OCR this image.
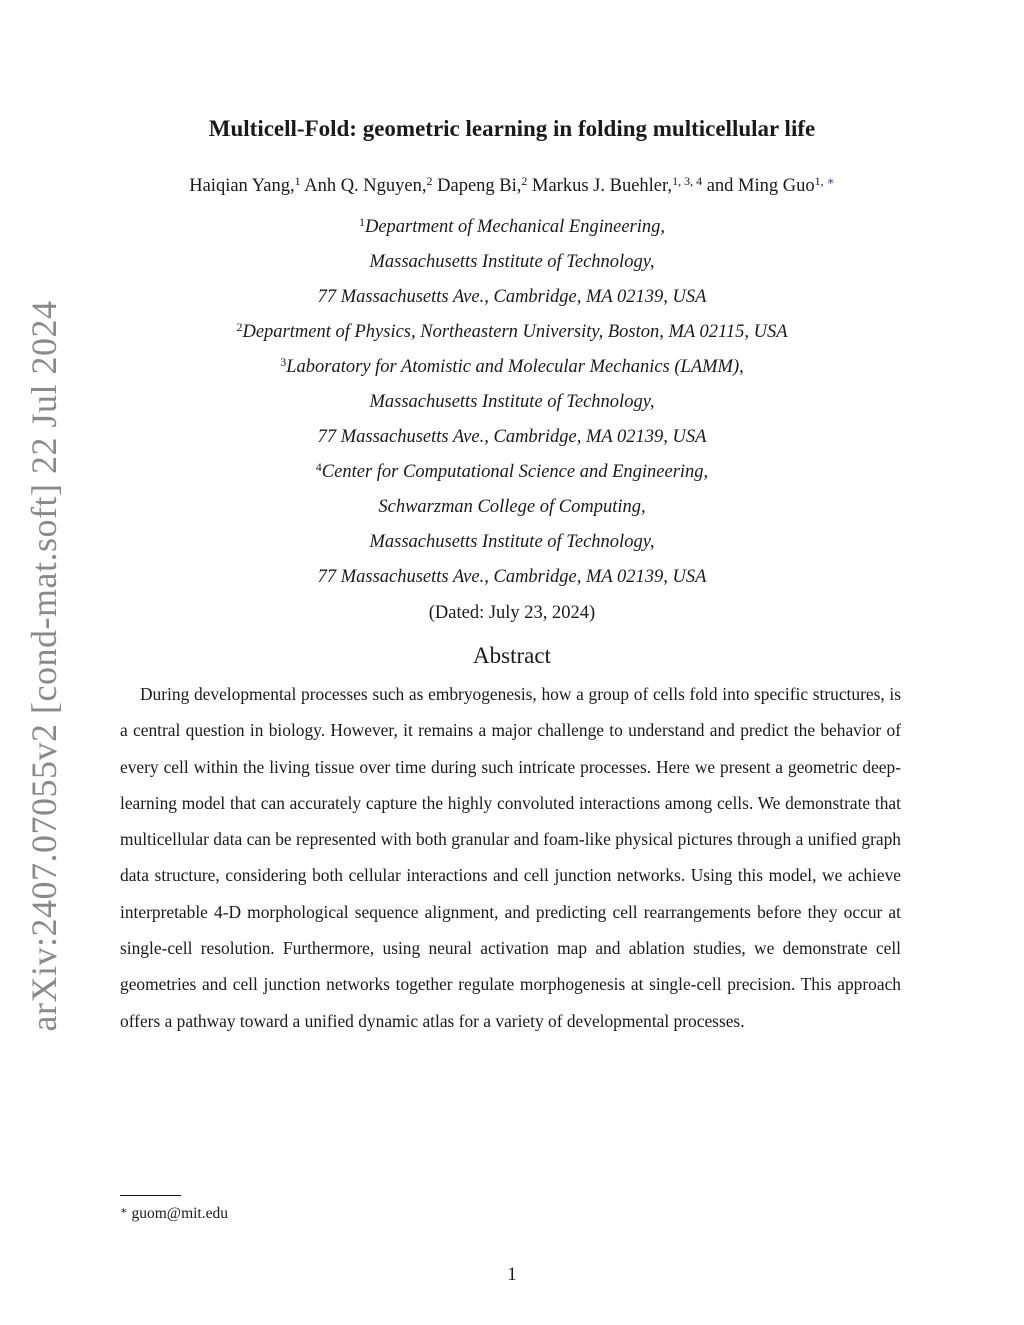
arXiv:2407.07055v2 [cond-mat.soft] 22 Jul 2024
Multicell-Fold: geometric learning in folding multicellular life
Haiqian Yang,$^1$ Anh Q. Nguyen,$^2$ Dapeng Bi,$^2$ Markus J. Buehler,$^{1, 3, 4}$ and Ming Guo$^{1, ∗}$
$^1$Department of Mechanical Engineering,
Massachusetts Institute of Technology,
77 Massachusetts Ave., Cambridge, MA 02139, USA
$^2$Department of Physics, Northeastern University, Boston, MA 02115, USA
$^3$Laboratory for Atomistic and Molecular Mechanics (LAMM),
Massachusetts Institute of Technology,
77 Massachusetts Ave., Cambridge, MA 02139, USA
$^4$Center for Computational Science and Engineering,
Schwarzman College of Computing,
Massachusetts Institute of Technology,
77 Massachusetts Ave., Cambridge, MA 02139, USA
(Dated: July 23, 2024)
Abstract

During developmental processes such as embryogenesis, how a group of cells fold into specific structures, is a central question in biology. However, it remains a major challenge to understand and predict the behavior of every cell within the living tissue over time during such intricate processes. Here we present a geometric deep-learning model that can accurately capture the highly convoluted interactions among cells. We demonstrate that multicellular data can be represented with both granular and foam-like physical pictures through a unified graph data structure, considering both cellular interactions and cell junction networks. Using this model, we achieve interpretable 4-D morphological sequence alignment, and predicting cell rearrangements before they occur at single-cell resolution. Furthermore, using neural activation map and ablation studies, we demonstrate cell geometries and cell junction networks together regulate morphogenesis at single-cell precision. This approach offers a pathway toward a unified dynamic atlas for a variety of developmental processes.

∗ guom@mit.edu
1
